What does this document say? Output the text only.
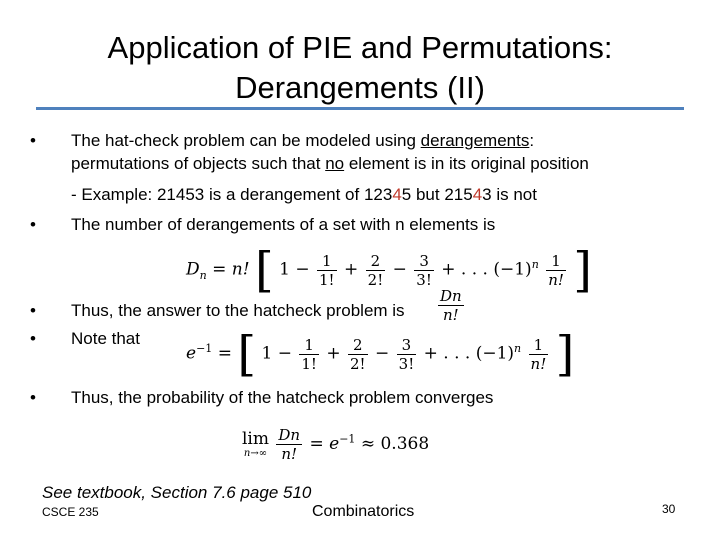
Application of PIE and Permutations:
Derangements (II)
• The hat-check problem can be modeled using derangements:
permutations of objects such that no element is in its original position
- Example: 21453 is a derangement of 12345 but 21543 is not
• The number of derangements of a set with n elements is
$D_n = n$! [ $1 - \frac{1}{1!} + \frac{2}{2!} - \frac{3}{3!}$ + . . . $(-1)^n \frac{1}{n!}$ ]
• Thus, the answer to the hatcheck problem is $\frac{Dn}{n!}$
• Note that
$e^{-1}$ = [ $1 - \frac{1}{1!} + \frac{2}{2!} - \frac{3}{3!}$ + . . . $(-1)^n \frac{1}{n!}$ ]
• Thus, the probability of the hatcheck problem converges
lim
n→∞
$\frac{Dn}{n!} = e^{-1} \approx 0.368$
See textbook, Section 7.6 page 510
CSCE 235	Combinatorics	30
